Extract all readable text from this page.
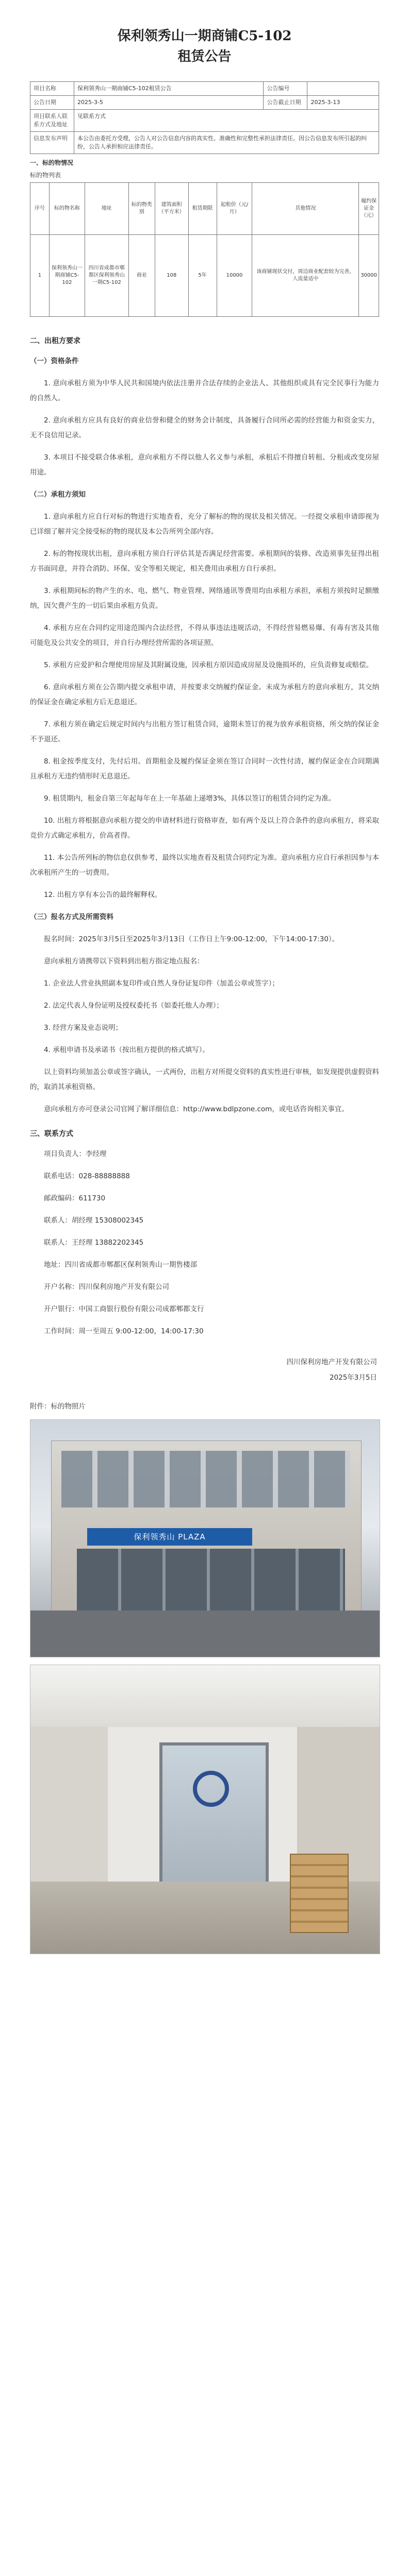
保利领秀山一期商铺C5-102
租赁公告
项目名称	保利领秀山一期商铺C5-102租赁公告	公告编号	
公告日期	2025-3-5	公告截止日期	2025-3-13
项目联系人联系方式及地址	见联系方式		
信息发布声明	本公告由委托方受理，公告人对公告信息内容的真实性、准确性和完整性承担法律责任。因公告信息发布所引起的纠纷，公告人承担相应法律责任。		
一、标的物情况
标的物列表
序号	标的物名称	地址	标的物类别	建筑面积（平方米）	租赁期限	起租价（元/月）	其他情况	履约保证金（元）
1	保利领秀山一期商铺C5-102	四川省成都市郫都区保利领秀山一期C5-102	商业	108	5年	10000	该商铺现状交付，周边商业配套较为完善，人流量适中	30000
二、出租方要求

（一）资格条件

1. 意向承租方须为中华人民共和国境内依法注册并合法存续的企业法人、其他组织或具有完全民事行为能力的自然人。

2. 意向承租方应具有良好的商业信誉和健全的财务会计制度，具备履行合同所必需的经营能力和资金实力，无不良信用记录。

3. 本项目不接受联合体承租，意向承租方不得以他人名义参与承租，承租后不得擅自转租、分租或改变房屋用途。

（二）承租方须知

1. 意向承租方应自行对标的物进行实地查看，充分了解标的物的现状及相关情况。一经提交承租申请即视为已详细了解并完全接受标的物的现状及本公告所列全部内容。

2. 标的物按现状出租，意向承租方须自行评估其是否满足经营需要。承租期间的装修、改造须事先征得出租方书面同意，并符合消防、环保、安全等相关规定，相关费用由承租方自行承担。

3. 承租期间标的物产生的水、电、燃气、物业管理、网络通讯等费用均由承租方承担，承租方须按时足额缴纳，因欠费产生的一切后果由承租方负责。

4. 承租方应在合同约定用途范围内合法经营，不得从事违法违规活动，不得经营易燃易爆、有毒有害及其他可能危及公共安全的项目，并自行办理经营所需的各项证照。

5. 承租方应爱护和合理使用房屋及其附属设施，因承租方原因造成房屋及设施损坏的，应负责修复或赔偿。

6. 意向承租方须在公告期内提交承租申请，并按要求交纳履约保证金。未成为承租方的意向承租方，其交纳的保证金在确定承租方后无息退还。

7. 承租方须在确定后规定时间内与出租方签订租赁合同，逾期未签订的视为放弃承租资格，所交纳的保证金不予退还。

8. 租金按季度支付，先付后用。首期租金及履约保证金须在签订合同时一次性付清，履约保证金在合同期满且承租方无违约情形时无息退还。

9. 租赁期内，租金自第三年起每年在上一年基础上递增3%，具体以签订的租赁合同约定为准。

10. 出租方将根据意向承租方提交的申请材料进行资格审查，如有两个及以上符合条件的意向承租方，将采取竞价方式确定承租方，价高者得。

11. 本公告所列标的物信息仅供参考，最终以实地查看及租赁合同约定为准。意向承租方应自行承担因参与本次承租所产生的一切费用。

12. 出租方享有本公告的最终解释权。

（三）报名方式及所需资料

报名时间：2025年3月5日至2025年3月13日（工作日上午9:00-12:00，下午14:00-17:30）。

意向承租方请携带以下资料到出租方指定地点报名：

1. 企业法人营业执照副本复印件或自然人身份证复印件（加盖公章或签字）；

2. 法定代表人身份证明及授权委托书（如委托他人办理）；

3. 经营方案及业态说明；

4. 承租申请书及承诺书（按出租方提供的格式填写）。

以上资料均须加盖公章或签字确认，一式两份，出租方对所提交资料的真实性进行审核，如发现提供虚假资料的，取消其承租资格。

意向承租方亦可登录公司官网了解详细信息：http://www.bdlpzone.com，或电话咨询相关事宜。

三、联系方式

项目负责人：李经理

联系电话：028-88888888

邮政编码：611730

联系人：胡经理 15308002345

联系人：王经理 13882202345

地址：四川省成都市郫都区保利领秀山一期售楼部

开户名称：四川保利房地产开发有限公司

开户银行：中国工商银行股份有限公司成都郫都支行

工作时间：周一至周五 9:00-12:00，14:00-17:30

四川保利房地产开发有限公司
2025年3月5日
附件：标的物照片
保利领秀山 PLAZA
